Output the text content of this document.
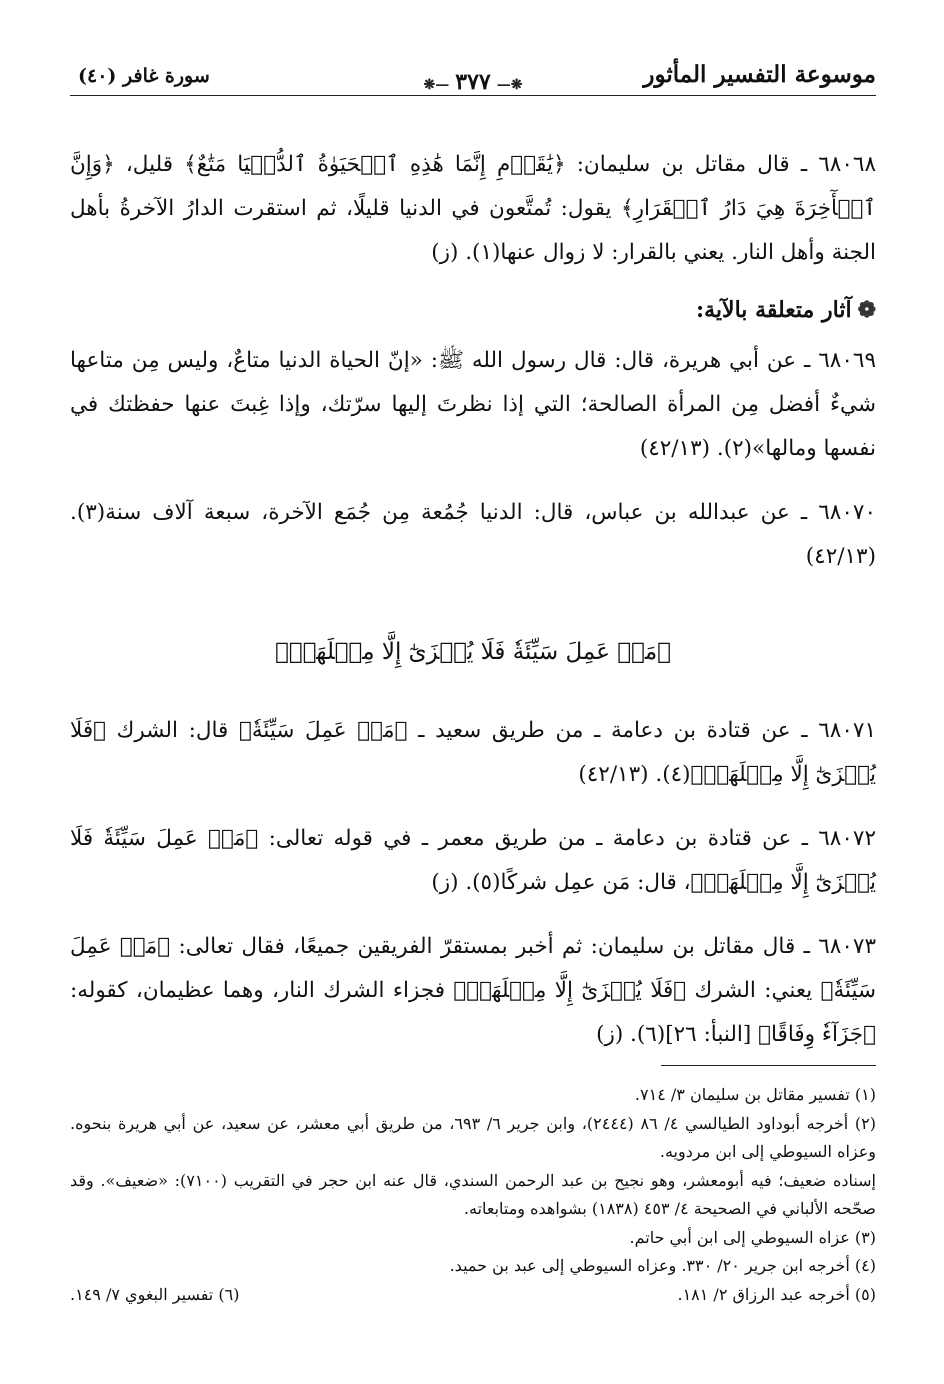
موسوعة التفسير المأثور
❋—٣٧٧—❋
سورة غافر (٤٠)

٦٨٠٦٨ ـ قال مقاتل بن سليمان: ﴿يَٰقَوۡمِ إِنَّمَا هَٰذِهِ ٱلۡحَيَوٰةُ ٱلدُّنۡيَا مَتَٰعٌ﴾ قليل، ﴿وَإِنَّ ٱلۡأٓخِرَةَ هِيَ دَارُ ٱلۡقَرَارِ﴾ يقول: تُمتَّعون في الدنيا قليلًا، ثم استقرت الدارُ الآخرةُ بأهل الجنة وأهل النار. يعني بالقرار: لا زوال عنها(١). (ز)

❁آثار متعلقة بالآية:

٦٨٠٦٩ ـ عن أبي هريرة، قال: قال رسول الله ﷺ: «إنّ الحياة الدنيا متاعٌ، وليس مِن متاعها شيءٌ أفضل مِن المرأة الصالحة؛ التي إذا نظرتَ إليها سرّتك، وإذا غِبتَ عنها حفظتك في نفسها ومالها»(٢). (٤٢/١٣)

٦٨٠٧٠ ـ عن عبدالله بن عباس، قال: الدنيا جُمُعة مِن جُمَع الآخرة، سبعة آلاف سنة(٣). (٤٢/١٣)

﴿مَنۡ عَمِلَ سَيِّئَةٗ فَلَا يُجۡزَىٰٓ إِلَّا مِثۡلَهَاۖ﴾

٦٨٠٧١ ـ عن قتادة بن دعامة ـ من طريق سعيد ـ ﴿مَنۡ عَمِلَ سَيِّئَةٗ﴾ قال: الشرك ﴿فَلَا يُجۡزَىٰٓ إِلَّا مِثۡلَهَاۖ﴾(٤). (٤٢/١٣)

٦٨٠٧٢ ـ عن قتادة بن دعامة ـ من طريق معمر ـ في قوله تعالى: ﴿مَنۡ عَمِلَ سَيِّئَةٗ فَلَا يُجۡزَىٰٓ إِلَّا مِثۡلَهَاۖ﴾، قال: مَن عمِل شركًا(٥). (ز)

٦٨٠٧٣ ـ قال مقاتل بن سليمان: ثم أخبر بمستقرّ الفريقين جميعًا، فقال تعالى: ﴿مَنۡ عَمِلَ سَيِّئَةٗ﴾ يعني: الشرك ﴿فَلَا يُجۡزَىٰٓ إِلَّا مِثۡلَهَاۖ﴾ فجزاء الشرك النار، وهما عظيمان، كقوله: ﴿جَزَآءٗ وِفَاقًا﴾ [النبأ: ٢٦](٦). (ز)

(١) تفسير مقاتل بن سليمان ٣/ ٧١٤.

(٢) أخرجه أبوداود الطيالسي ٤/ ٨٦ (٢٤٤٤)، وابن جرير ٦/ ٦٩٣، من طريق أبي معشر، عن سعيد، عن أبي هريرة بنحوه. وعزاه السيوطي إلى ابن مردويه.

إسناده ضعيف؛ فيه أبومعشر، وهو نجيح بن عبد الرحمن السندي، قال عنه ابن حجر في التقريب (٧١٠٠): «ضعيف». وقد صحّحه الألباني في الصحيحة ٤/ ٤٥٣ (١٨٣٨) بشواهده ومتابعاته.

(٣) عزاه السيوطي إلى ابن أبي حاتم.

(٤) أخرجه ابن جرير ٢٠/ ٣٣٠. وعزاه السيوطي إلى عبد بن حميد.

(٥) أخرجه عبد الرزاق ٢/ ١٨١.
(٦) تفسير البغوي ٧/ ١٤٩.
